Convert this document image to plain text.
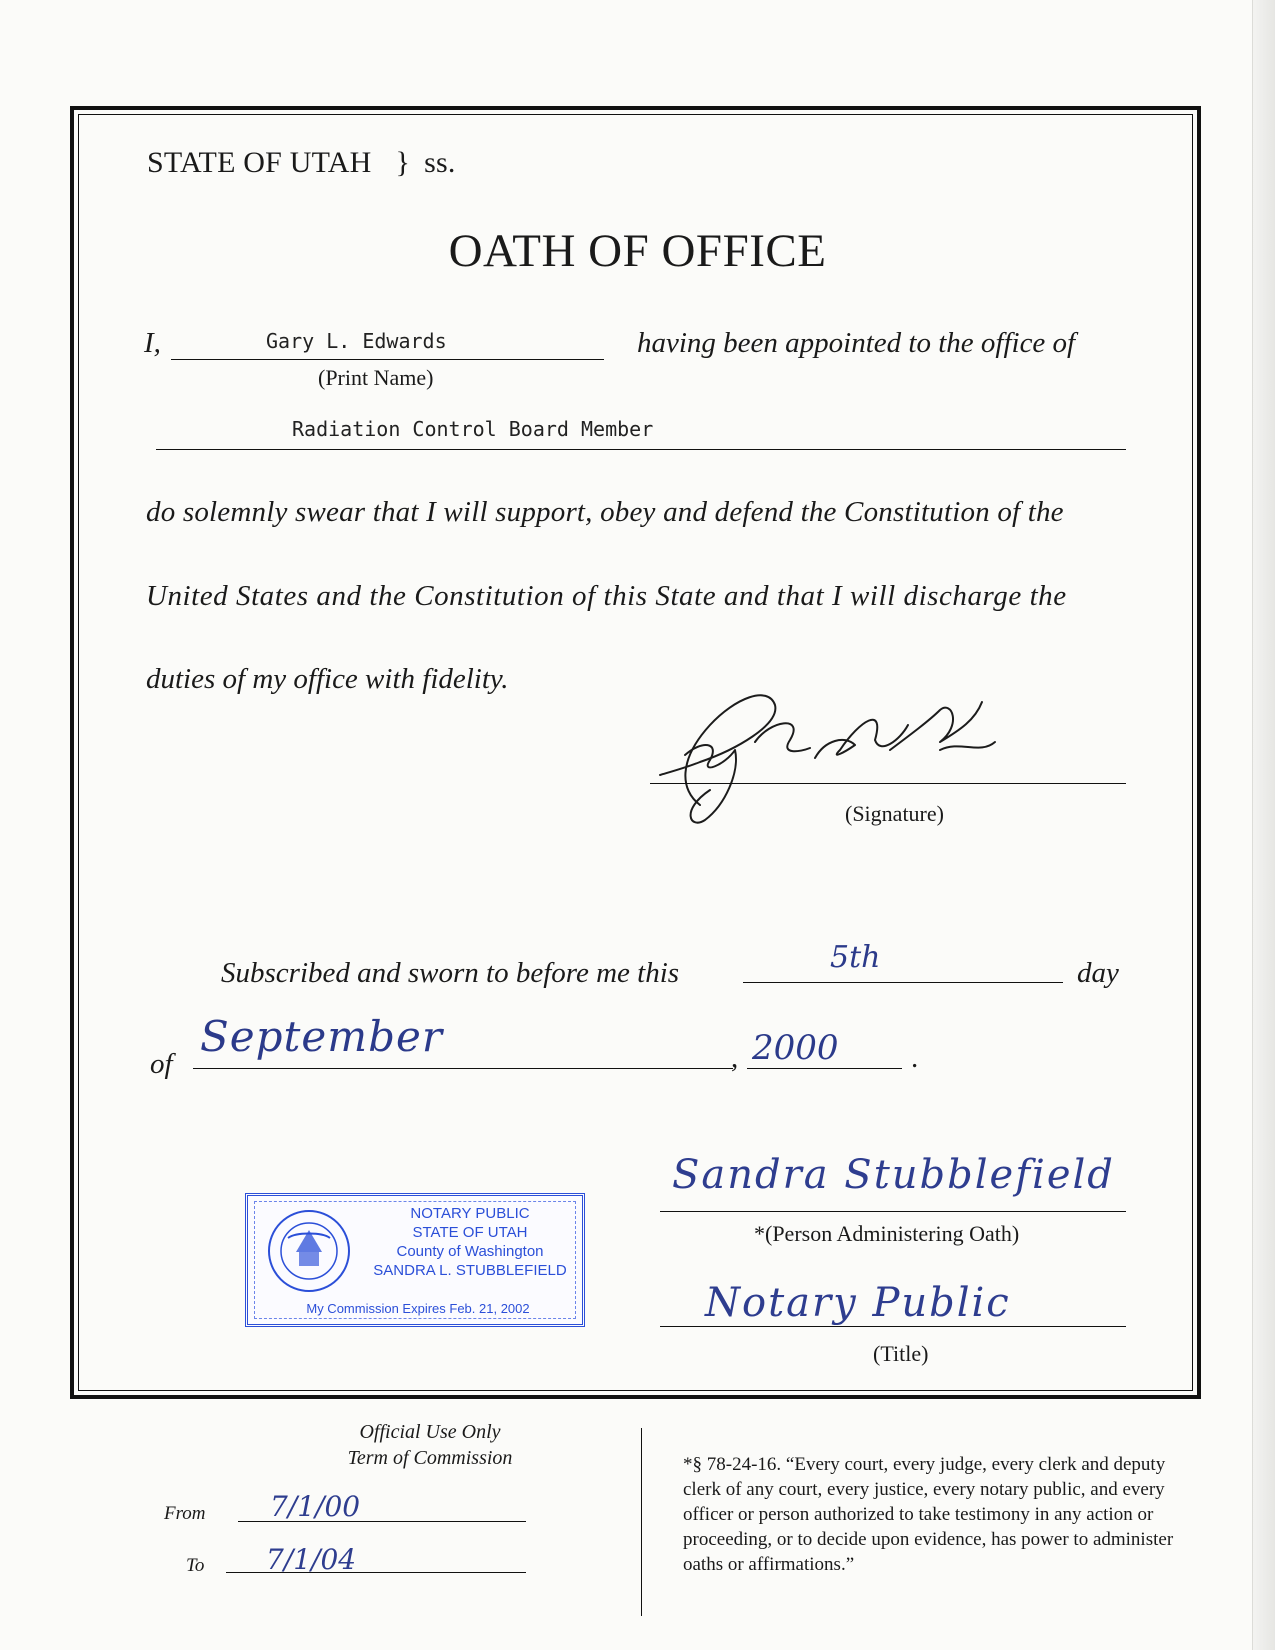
STATE OF UTAH } ss.
OATH OF OFFICE
I,	Gary L. Edwards
(Print Name)
having been appointed to the office of
Radiation Control Board Member
do solemnly swear that I will support, obey and defend the Constitution of the
United States and the Constitution of this State and that I will discharge the
duties of my office with fidelity.
(Signature)
Subscribed and sworn to before me this	5th	day
of
September	, 2000 .
NOTARY PUBLIC
STATE OF UTAH
County of Washington
SANDRA L. STUBBLEFIELD
My Commission Expires Feb. 21, 2002
Sandra Stubblefield
*(Person Administering Oath)
Notary Public
(Title)
Official Use Only
Term of Commission
From 7/1/00
To 7/1/04
*§ 78-24-16. “Every court, every judge, every clerk and deputy clerk of any court, every justice, every notary public, and every officer or person authorized to take testimony in any action or proceeding, or to decide upon evidence, has power to administer oaths or affirmations.”
